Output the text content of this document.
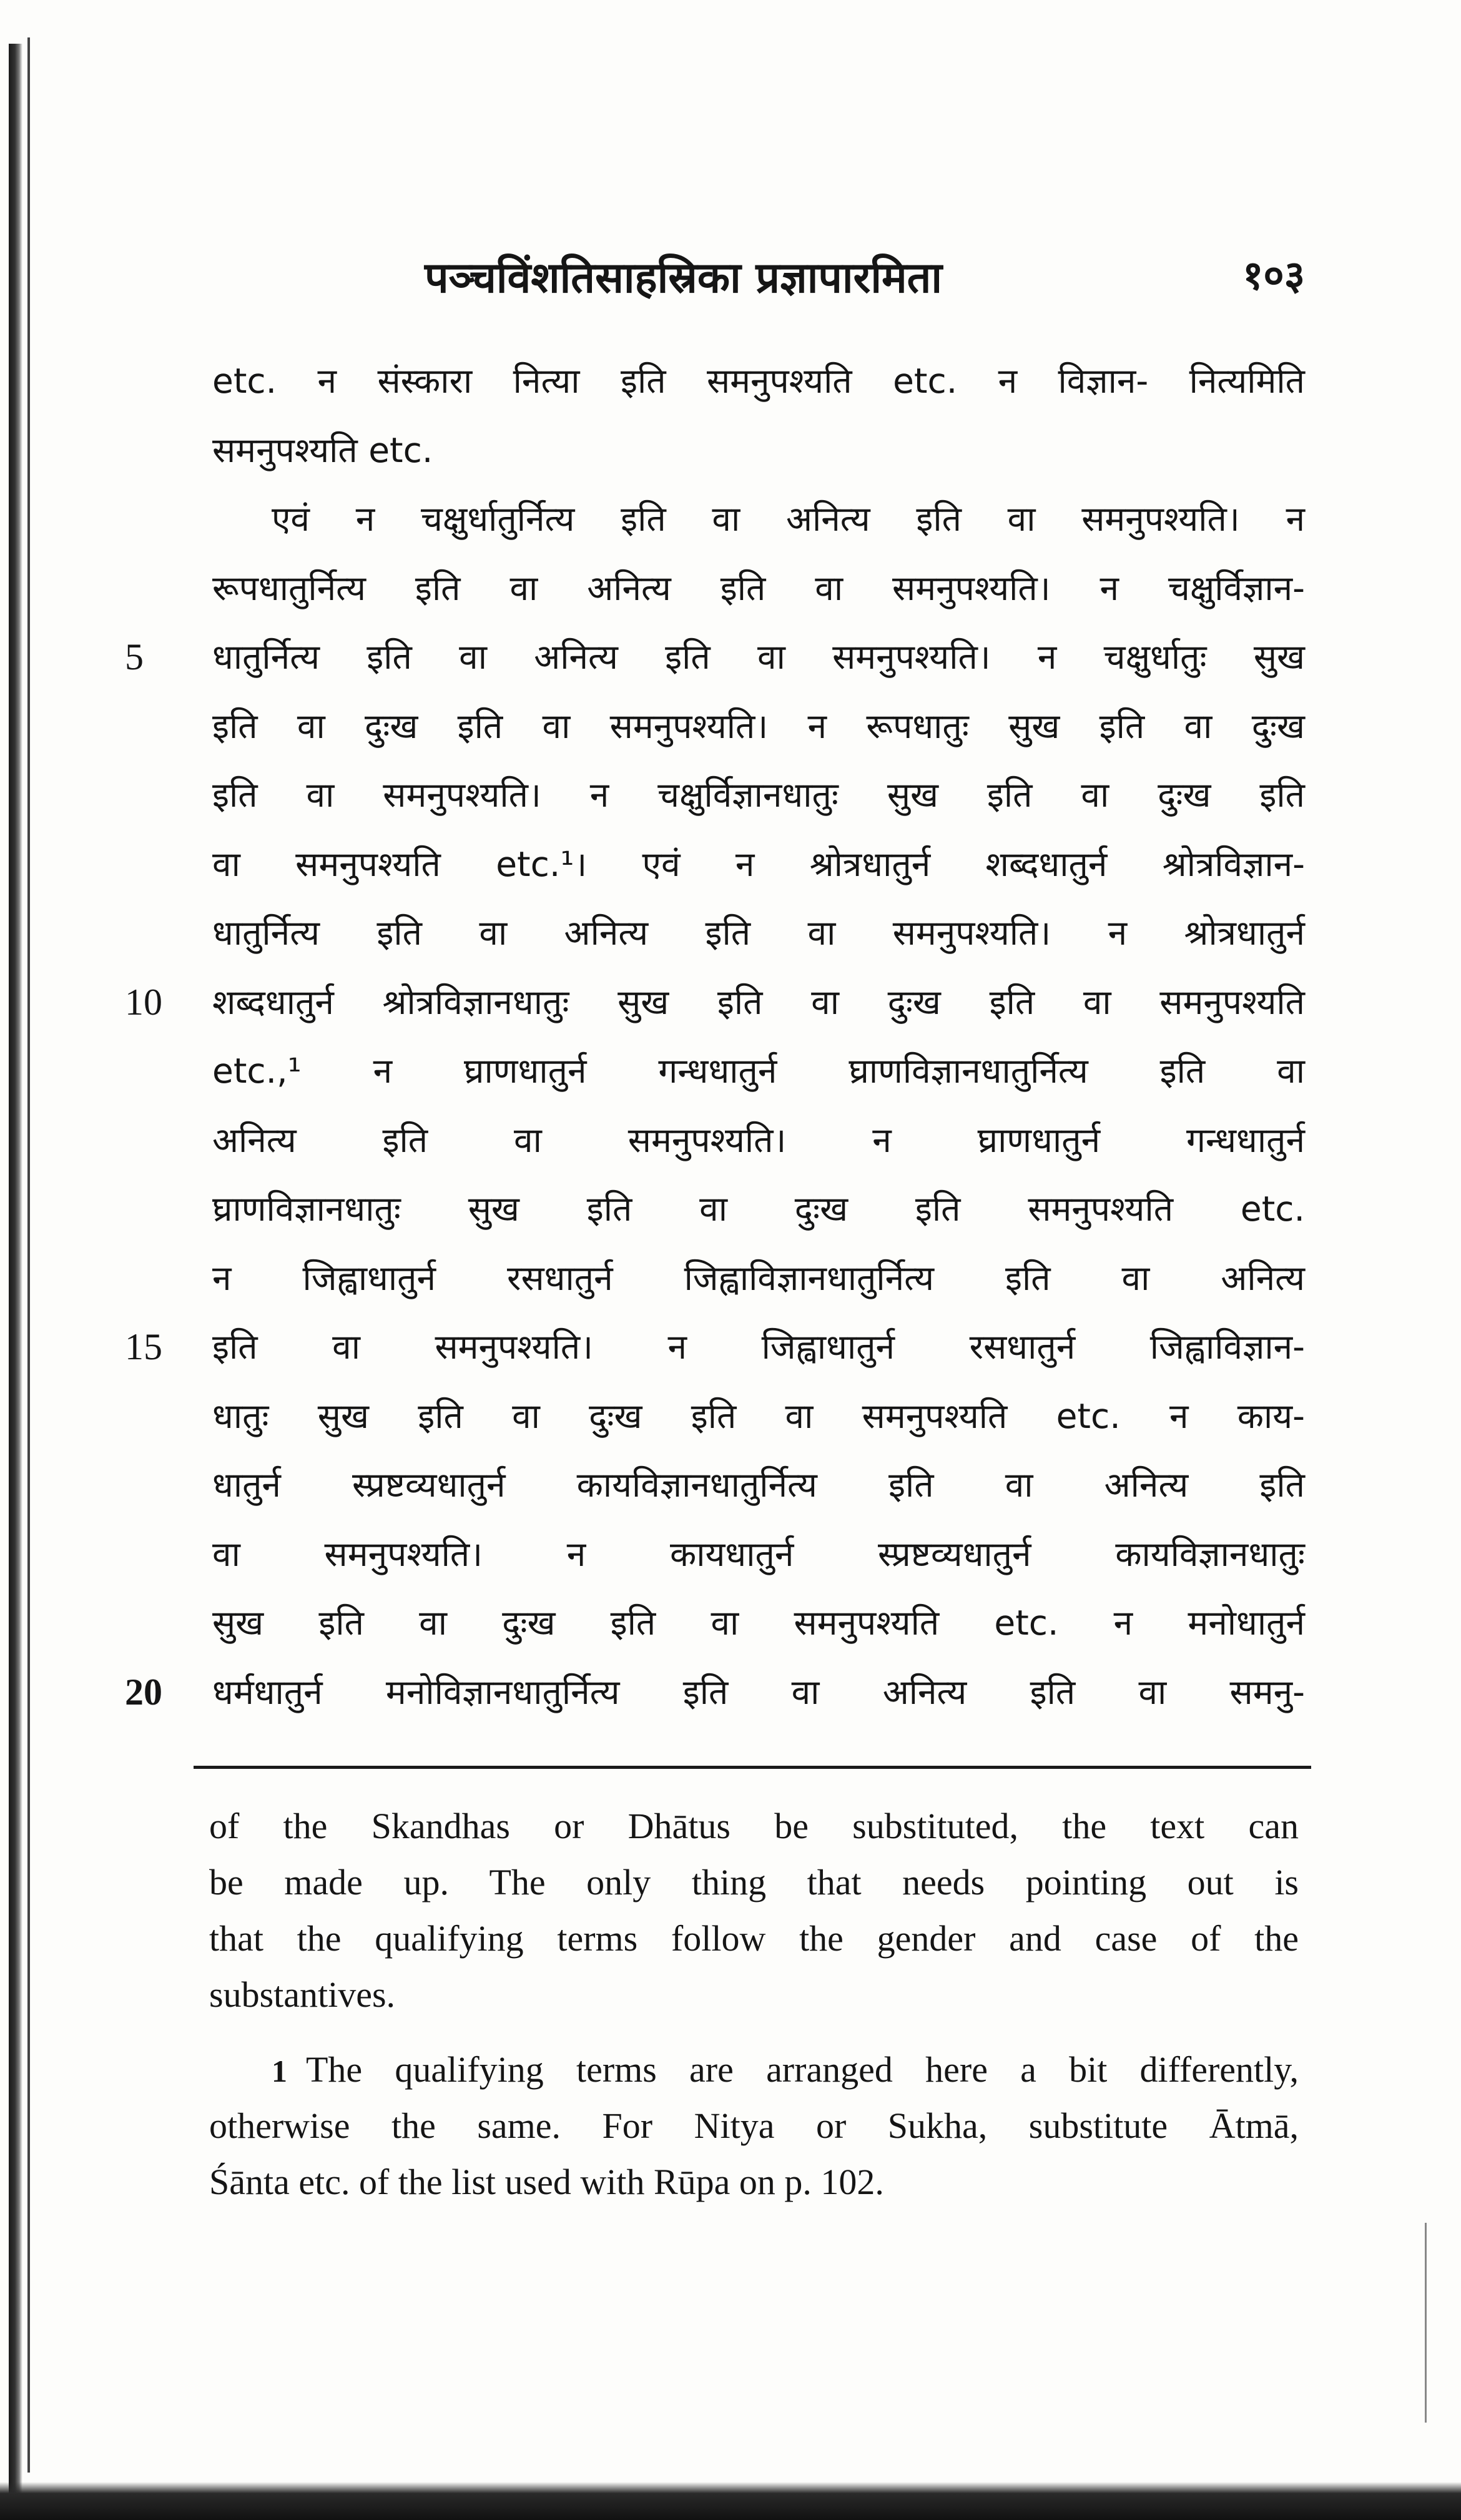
पञ्चविंशतिसाहस्रिका प्रज्ञापारमिता	१०३
5
10
15
20
etc. न संस्कारा नित्या इति समनुपश्यति etc. न विज्ञान- नित्यमिति
समनुपश्यति etc.
एवं न चक्षुर्धातुर्नित्य इति वा अनित्य इति वा समनुपश्यति। न
रूपधातुर्नित्य इति वा अनित्य इति वा समनुपश्यति। न चक्षुर्विज्ञान-
धातुर्नित्य इति वा अनित्य इति वा समनुपश्यति। न चक्षुर्धातुः सुख
इति वा दुःख इति वा समनुपश्यति। न रूपधातुः सुख इति वा दुःख
इति वा समनुपश्यति। न चक्षुर्विज्ञानधातुः सुख इति वा दुःख इति
वा समनुपश्यति etc.¹। एवं न श्रोत्रधातुर्न शब्दधातुर्न श्रोत्रविज्ञान-
धातुर्नित्य इति वा अनित्य इति वा समनुपश्यति। न श्रोत्रधातुर्न
शब्दधातुर्न श्रोत्रविज्ञानधातुः सुख इति वा दुःख इति वा समनुपश्यति
etc.,¹ न घ्राणधातुर्न गन्धधातुर्न घ्राणविज्ञानधातुर्नित्य इति वा
अनित्य इति वा समनुपश्यति। न घ्राणधातुर्न गन्धधातुर्न
घ्राणविज्ञानधातुः सुख इति वा दुःख इति समनुपश्यति etc.
न जिह्वाधातुर्न रसधातुर्न जिह्वाविज्ञानधातुर्नित्य इति वा अनित्य
इति वा समनुपश्यति। न जिह्वाधातुर्न रसधातुर्न जिह्वाविज्ञान-
धातुः सुख इति वा दुःख इति वा समनुपश्यति etc. न काय-
धातुर्न स्प्रष्टव्यधातुर्न कायविज्ञानधातुर्नित्य इति वा अनित्य इति
वा समनुपश्यति। न कायधातुर्न स्प्रष्टव्यधातुर्न कायविज्ञानधातुः
सुख इति वा दुःख इति वा समनुपश्यति etc. न मनोधातुर्न
धर्मधातुर्न मनोविज्ञानधातुर्नित्य इति वा अनित्य इति वा समनु-
of the Skandhas or Dhātus be substituted, the text can
be made up. The only thing that needs pointing out is
that the qualifying terms follow the gender and case of the
substantives.
1 The qualifying terms are arranged here a bit differently,
otherwise the same. For Nitya or Sukha, substitute Ātmā,
Śānta etc. of the list used with Rūpa on p. 102.
